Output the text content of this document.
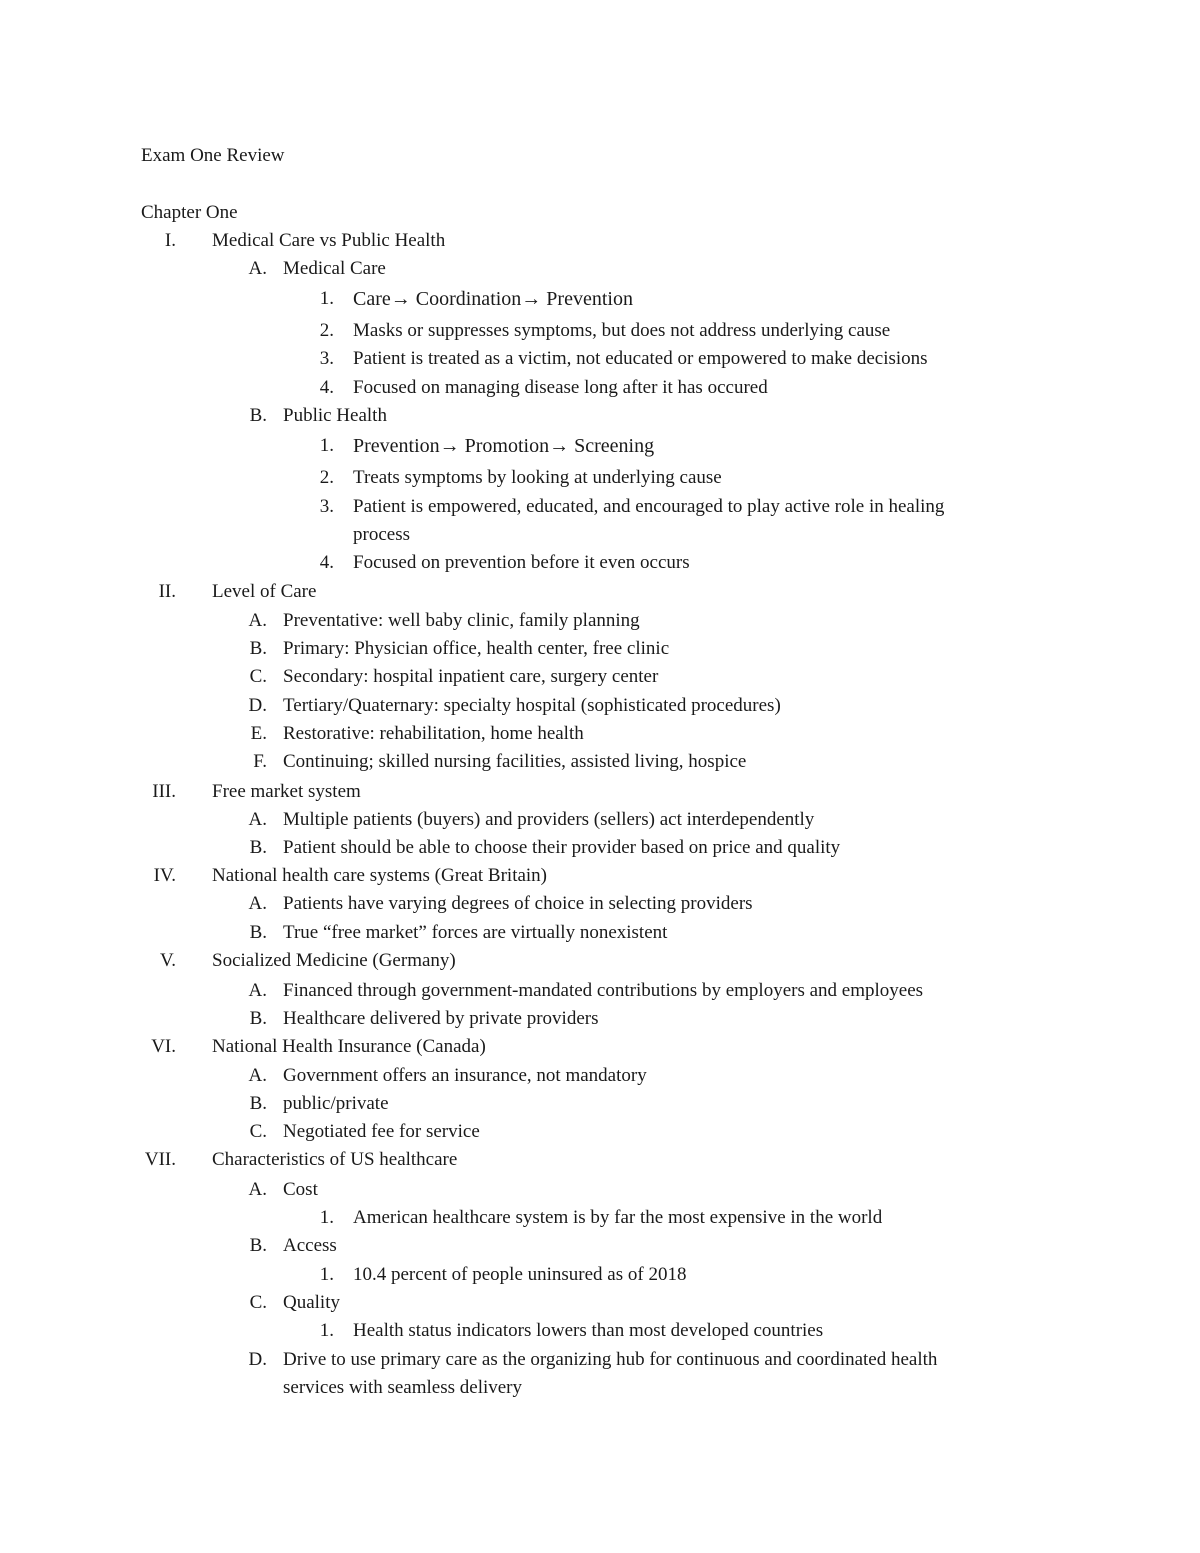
Exam One Review
Chapter One
I. Medical Care vs Public Health
A. Medical Care
1. Care→ Coordination→ Prevention
2. Masks or suppresses symptoms, but does not address underlying cause
3. Patient is treated as a victim, not educated or empowered to make decisions
4. Focused on managing disease long after it has occured
B. Public Health
1. Prevention→ Promotion→ Screening
2. Treats symptoms by looking at underlying cause
3. Patient is empowered, educated, and encouraged to play active role in healing
process
4. Focused on prevention before it even occurs
II. Level of Care
A. Preventative: well baby clinic, family planning
B. Primary: Physician office, health center, free clinic
C. Secondary: hospital inpatient care, surgery center
D. Tertiary/Quaternary: specialty hospital (sophisticated procedures)
E. Restorative: rehabilitation, home health
F. Continuing; skilled nursing facilities, assisted living, hospice
III. Free market system
A. Multiple patients (buyers) and providers (sellers) act interdependently
B. Patient should be able to choose their provider based on price and quality
IV. National health care systems (Great Britain)
A. Patients have varying degrees of choice in selecting providers
B. True “free market” forces are virtually nonexistent
V. Socialized Medicine (Germany)
A. Financed through government-mandated contributions by employers and employees
B. Healthcare delivered by private providers
VI. National Health Insurance (Canada)
A. Government offers an insurance, not mandatory
B. public/private
C. Negotiated fee for service
VII. Characteristics of US healthcare
A. Cost
1. American healthcare system is by far the most expensive in the world
B. Access
1. 10.4 percent of people uninsured as of 2018
C. Quality
1. Health status indicators lowers than most developed countries
D. Drive to use primary care as the organizing hub for continuous and coordinated health
services with seamless delivery
